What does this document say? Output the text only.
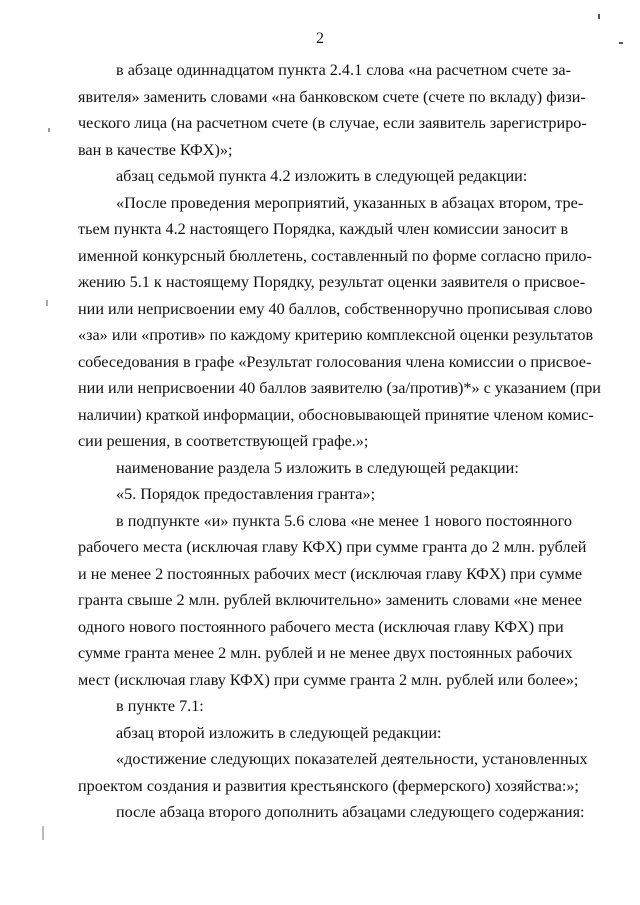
2
в абзаце одиннадцатом пункта 2.4.1 слова «на расчетном счете за-
явителя» заменить словами «на банковском счете (счете по вкладу) физи-
ческого лица (на расчетном счете (в случае, если заявитель зарегистриро-
ван в качестве КФХ)»;
абзац седьмой пункта 4.2 изложить в следующей редакции:
«После проведения мероприятий, указанных в абзацах втором, тре-
тьем пункта 4.2 настоящего Порядка, каждый член комиссии заносит в
именной конкурсный бюллетень, составленный по форме согласно прило-
жению 5.1 к настоящему Порядку, результат оценки заявителя о присвое-
нии или неприсвоении ему 40 баллов, собственноручно прописывая слово
«за» или «против» по каждому критерию комплексной оценки результатов
собеседования в графе «Результат голосования члена комиссии о присвое-
нии или неприсвоении 40 баллов заявителю (за/против)*» с указанием (при
наличии) краткой информации, обосновывающей принятие членом комис-
сии решения, в соответствующей графе.»;
наименование раздела 5 изложить в следующей редакции:
«5. Порядок предоставления гранта»;
в подпункте «и» пункта 5.6 слова «не менее 1 нового постоянного
рабочего места (исключая главу КФХ) при сумме гранта до 2 млн. рублей
и не менее 2 постоянных рабочих мест (исключая главу КФХ) при сумме
гранта свыше 2 млн. рублей включительно» заменить словами «не менее
одного нового постоянного рабочего места (исключая главу КФХ) при
сумме гранта менее 2 млн. рублей и не менее двух постоянных рабочих
мест (исключая главу КФХ) при сумме гранта 2 млн. рублей или более»;
в пункте 7.1:
абзац второй изложить в следующей редакции:
«достижение следующих показателей деятельности, установленных
проектом создания и развития крестьянского (фермерского) хозяйства:»;
после абзаца второго дополнить абзацами следующего содержания:
